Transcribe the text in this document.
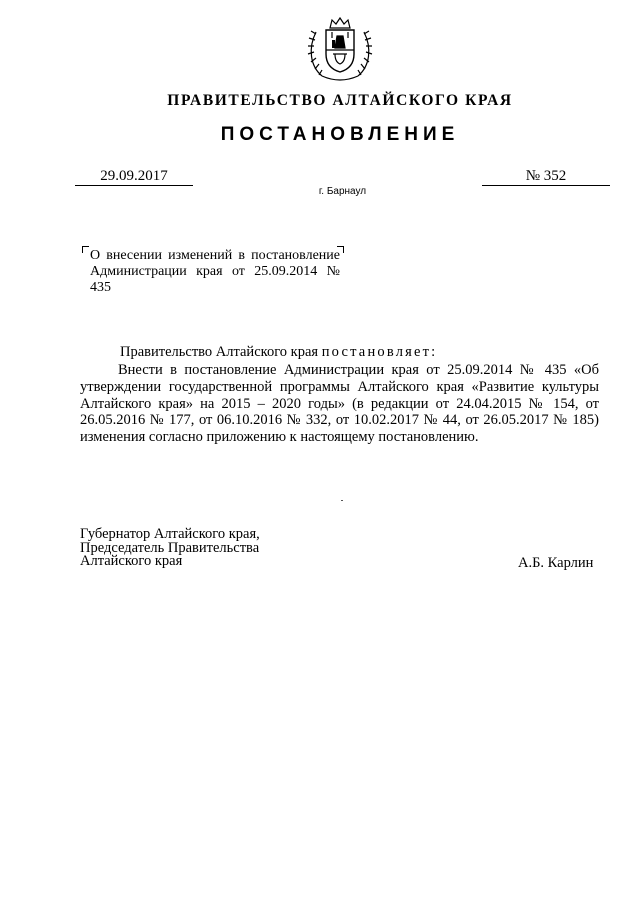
ПРАВИТЕЛЬСТВО АЛТАЙСКОГО КРАЯ
ПОСТАНОВЛЕНИЕ
29.09.2017	№ 352
г. Барнаул
О внесении изменений в постановление Администрации края от 25.09.2014 № 435
Правительство Алтайского края постановляет:
Внести в постановление Администрации края от 25.09.2014 № 435 «Об утверждении государственной программы Алтайского края «Развитие культуры Алтайского края» на 2015 – 2020 годы» (в редакции от 24.04.2015 № 154, от 26.05.2016 № 177, от 06.10.2016 № 332, от 10.02.2017 № 44, от 26.05.2017 № 185) изменения согласно приложению к настоящему постановлению.
Губернатор Алтайского края,
Председатель Правительства
Алтайского края	А.Б. Карлин
